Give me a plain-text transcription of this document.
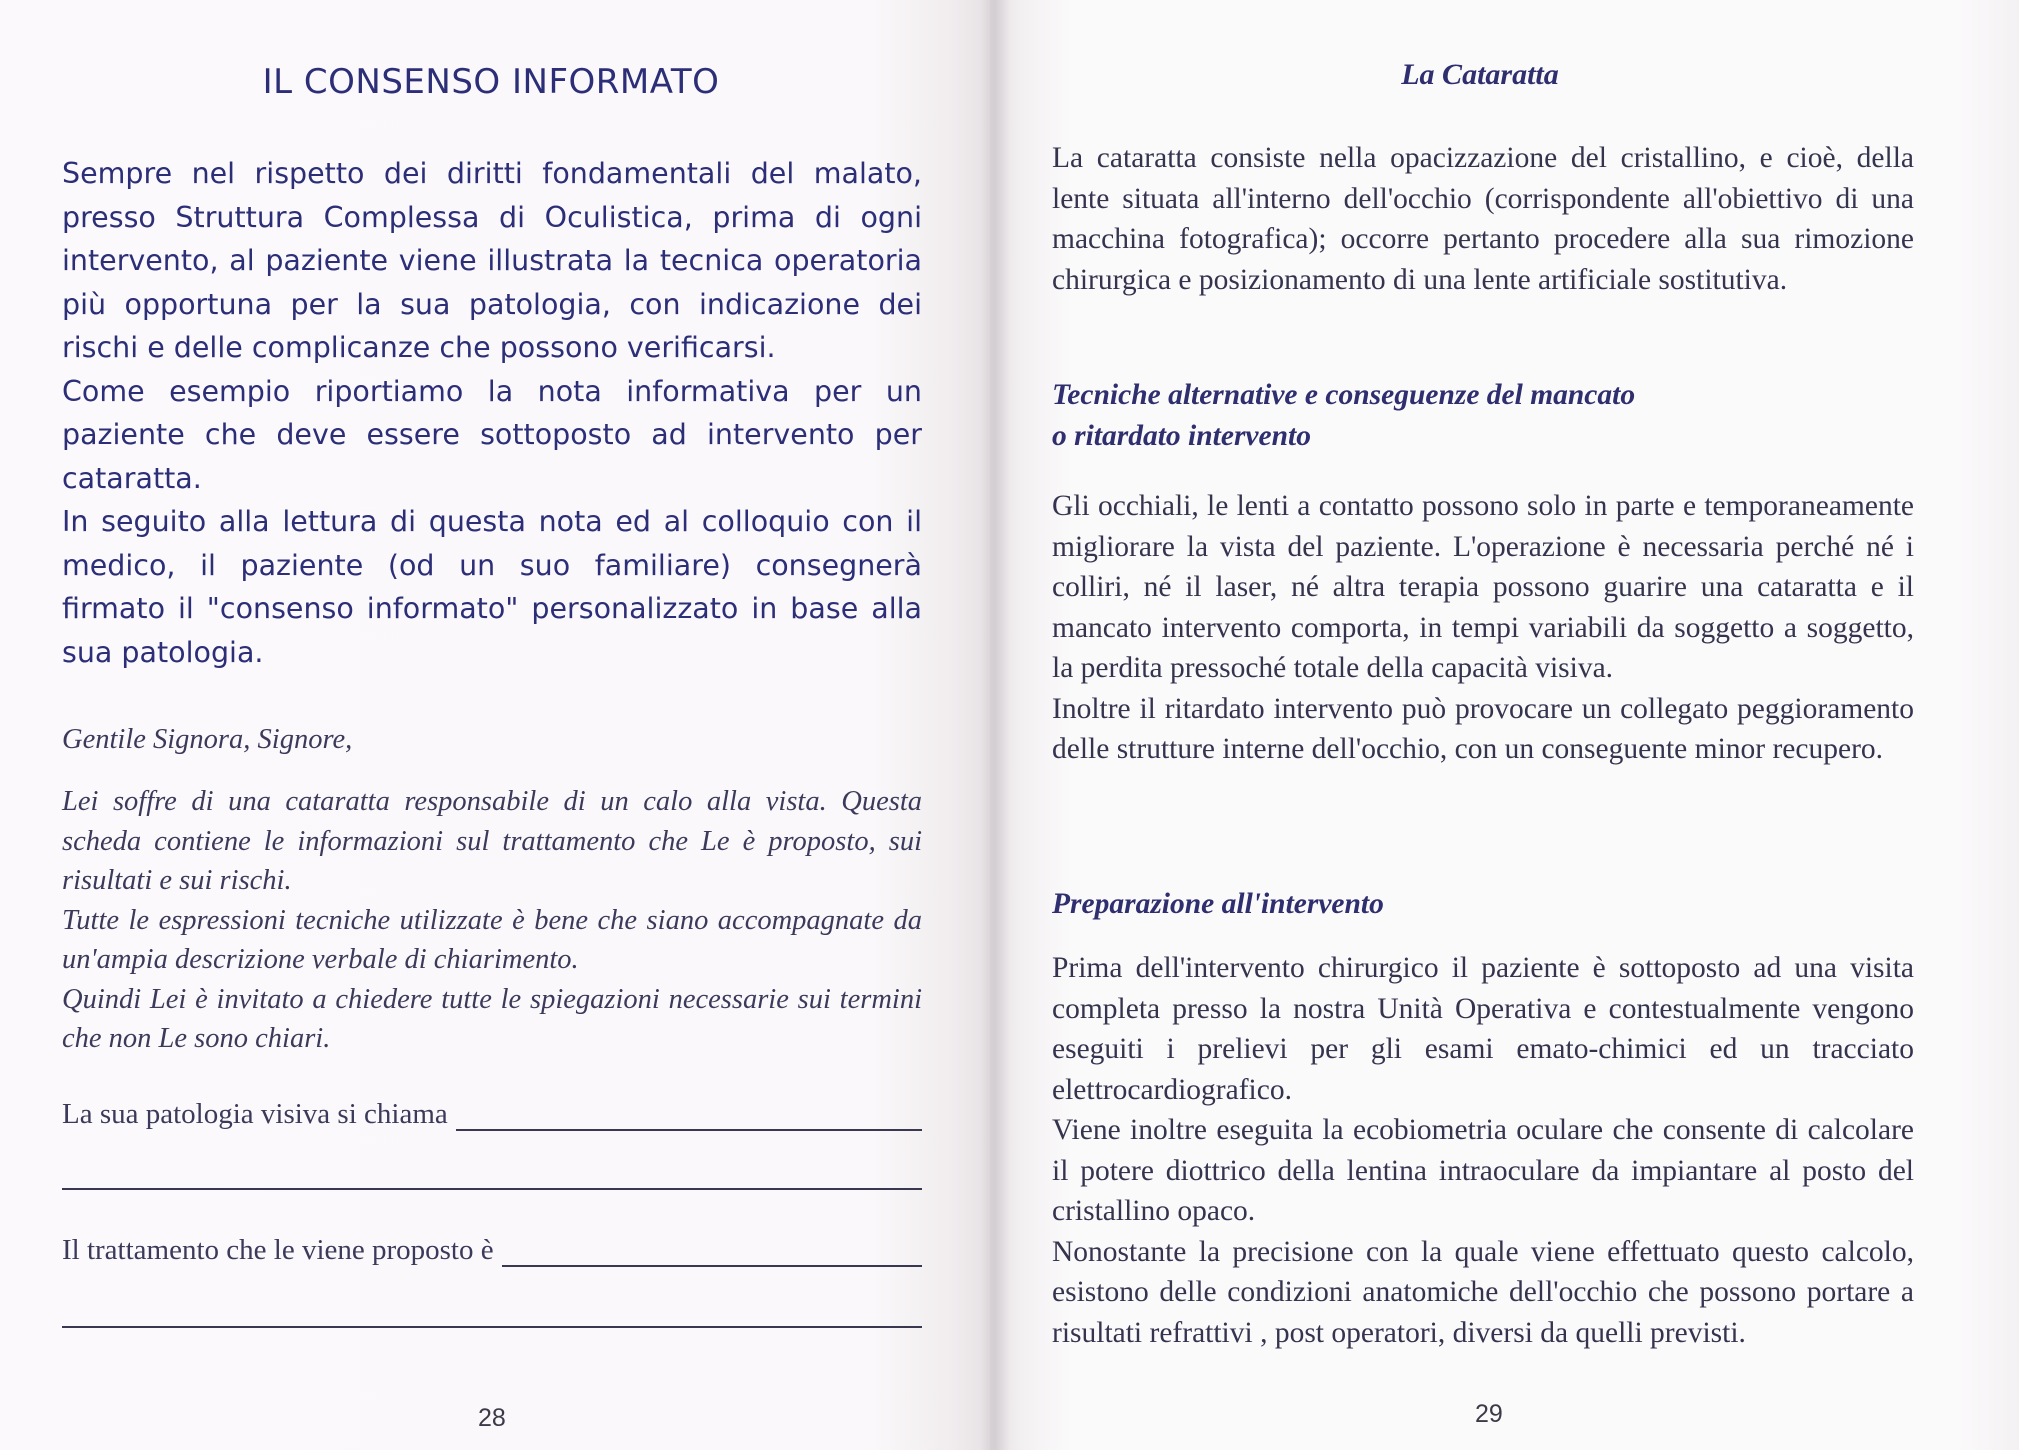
IL CONSENSO INFORMATO

Sempre nel rispetto dei diritti fondamentali del malato, presso Struttura Complessa di Oculistica, prima di ogni intervento, al paziente viene illustrata la tecnica operatoria più opportuna per la sua patologia, con indicazione dei rischi e delle complicanze che possono verificarsi.

Come esempio riportiamo la nota informativa per un paziente che deve essere sottoposto ad intervento per cataratta.

In seguito alla lettura di questa nota ed al colloquio con il medico, il paziente (od un suo familiare) consegnerà firmato il "consenso informato" personalizzato in base alla sua patologia.

Gentile Signora, Signore,

Lei soffre di una cataratta responsabile di un calo alla vista. Questa scheda contiene le informazioni sul trattamento che Le è proposto, sui risultati e sui rischi.

Tutte le espressioni tecniche utilizzate è bene che siano accompagnate da un'ampia descrizione verbale di chiarimento.

Quindi Lei è invitato a chiedere tutte le spiegazioni necessarie sui termini che non Le sono chiari.

La sua patologia visiva si chiama
Il trattamento che le viene proposto è
28
La Cataratta

La cataratta consiste nella opacizzazione del cristallino, e cioè, della lente situata all'interno dell'occhio (corrispondente all'obiettivo di una macchina fotografica); occorre pertanto procedere alla sua rimozione chirurgica e posizionamento di una lente artificiale sostitutiva.

Tecniche alternative e conseguenze del mancato
o ritardato intervento

Gli occhiali, le lenti a contatto possono solo in parte e temporaneamente migliorare la vista del paziente. L'operazione è necessaria perché né i colliri, né il laser, né altra terapia possono guarire una cataratta e il mancato intervento comporta, in tempi variabili da soggetto a soggetto, la perdita pressoché totale della capacità visiva.

Inoltre il ritardato intervento può provocare un collegato peggioramento delle strutture interne dell'occhio, con un conseguente minor recupero.

Preparazione all'intervento

Prima dell'intervento chirurgico il paziente è sottoposto ad una visita completa presso la nostra Unità Operativa e contestualmente vengono eseguiti i prelievi per gli esami emato-chimici ed un tracciato elettrocardiografico.

Viene inoltre eseguita la ecobiometria oculare che consente di calcolare il potere diottrico della lentina intraoculare da impiantare al posto del cristallino opaco.

Nonostante la precisione con la quale viene effettuato questo calcolo, esistono delle condizioni anatomiche dell'occhio che possono portare a risultati refrattivi , post operatori, diversi da quelli previsti.

29
